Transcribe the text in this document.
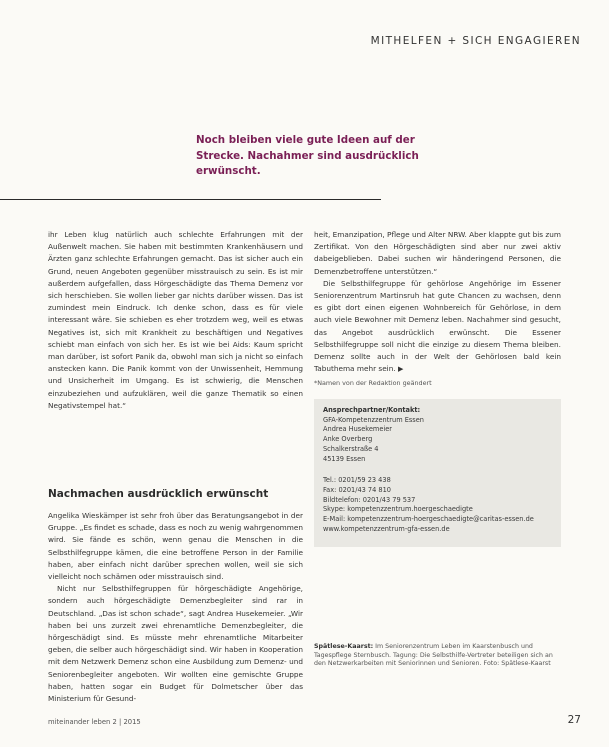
MITHELFEN + SICH ENGAGIEREN
Noch bleiben viele gute Ideen auf der Strecke. Nachahmer sind ausdrücklich erwünscht.

ihr Leben klug natürlich auch schlechte Erfahrungen mit der Außenwelt machen. Sie haben mit bestimmten Krankenhäusern und Ärzten ganz schlechte Erfahrungen gemacht. Das ist sicher auch ein Grund, neuen Angeboten gegenüber misstrauisch zu sein. Es ist mir außerdem aufgefallen, dass Hörgeschädigte das Thema Demenz vor sich herschieben. Sie wollen lieber gar nichts darüber wissen. Das ist zumindest mein Eindruck. Ich denke schon, dass es für viele interessant wäre. Sie schieben es eher trotzdem weg, weil es etwas Negatives ist, sich mit Krankheit zu beschäftigen und Negatives schiebt man einfach von sich her. Es ist wie bei Aids: Kaum spricht man darüber, ist sofort Panik da, obwohl man sich ja nicht so einfach anstecken kann. Die Panik kommt von der Unwissenheit, Hemmung und Unsicherheit im Umgang. Es ist schwierig, die Menschen einzubeziehen und aufzuklären, weil die ganze Thematik so einen Negativstempel hat.“

Nachmachen ausdrücklich erwünscht

Angelika Wieskämper ist sehr froh über das Beratungsangebot in der Gruppe. „Es findet es schade, dass es noch zu wenig wahrgenommen wird. Sie fände es schön, wenn genau die Menschen in die Selbsthilfegruppe kämen, die eine betroffene Person in der Familie haben, aber einfach nicht darüber sprechen wollen, weil sie sich vielleicht noch schämen oder misstrauisch sind.

Nicht nur Selbsthilfegruppen für hörgeschädigte Angehörige, sondern auch hörgeschädigte Demenzbegleiter sind rar in Deutschland. „Das ist schon schade“, sagt Andrea Husekemeier. „Wir haben bei uns zurzeit zwei ehrenamtliche Demenzbegleiter, die hörgeschädigt sind. Es müsste mehr ehrenamtliche Mitarbeiter geben, die selber auch hörgeschädigt sind. Wir haben in Kooperation mit dem Netzwerk Demenz schon eine Ausbildung zum Demenz- und Seniorenbegleiter angeboten. Wir wollten eine gemischte Gruppe haben, hatten sogar ein Budget für Dolmetscher über das Ministerium für Gesund-

heit, Emanzipation, Pflege und Alter NRW. Aber klappte gut bis zum Zertifikat. Von den Hörgeschädigten sind aber nur zwei aktiv dabeigeblieben. Dabei suchen wir händeringend Personen, die Demenzbetroffene unterstützen.“

Die Selbsthilfegruppe für gehörlose Angehörige im Essener Seniorenzentrum Martinsruh hat gute Chancen zu wachsen, denn es gibt dort einen eigenen Wohnbereich für Gehörlose, in dem auch viele Bewohner mit Demenz leben. Nachahmer sind gesucht, das Angebot ausdrücklich erwünscht. Die Essener Selbsthilfegruppe soll nicht die einzige zu diesem Thema bleiben. Demenz sollte auch in der Welt der Gehörlosen bald kein Tabuthema mehr sein. ▶

*Namen von der Redaktion geändert
Ansprechpartner/Kontakt:
GFA-Kompetenzzentrum Essen
Andrea Husekemeier
Anke Overberg
Schalkerstraße 4
45139 Essen
Tel.: 0201/59 23 438
Fax: 0201/43 74 810
Bildtelefon: 0201/43 79 537
Skype: kompetenzzentrum.hoergeschaedigte
E-Mail: kompetenzzentrum-hoergeschaedigte@caritas-essen.de
www.kompetenzzentrum-gfa-essen.de
Spätlese-Kaarst: Im Seniorenzentrum Leben im Kaarstenbusch und Tagespflege Sternbusch. Tagung: Die Selbsthilfe-Vertreter beteiligen sich an den Netzwerkarbeiten mit Seniorinnen und Senioren. Foto: Spätlese-Kaarst
miteinander leben 2 | 2015	27
